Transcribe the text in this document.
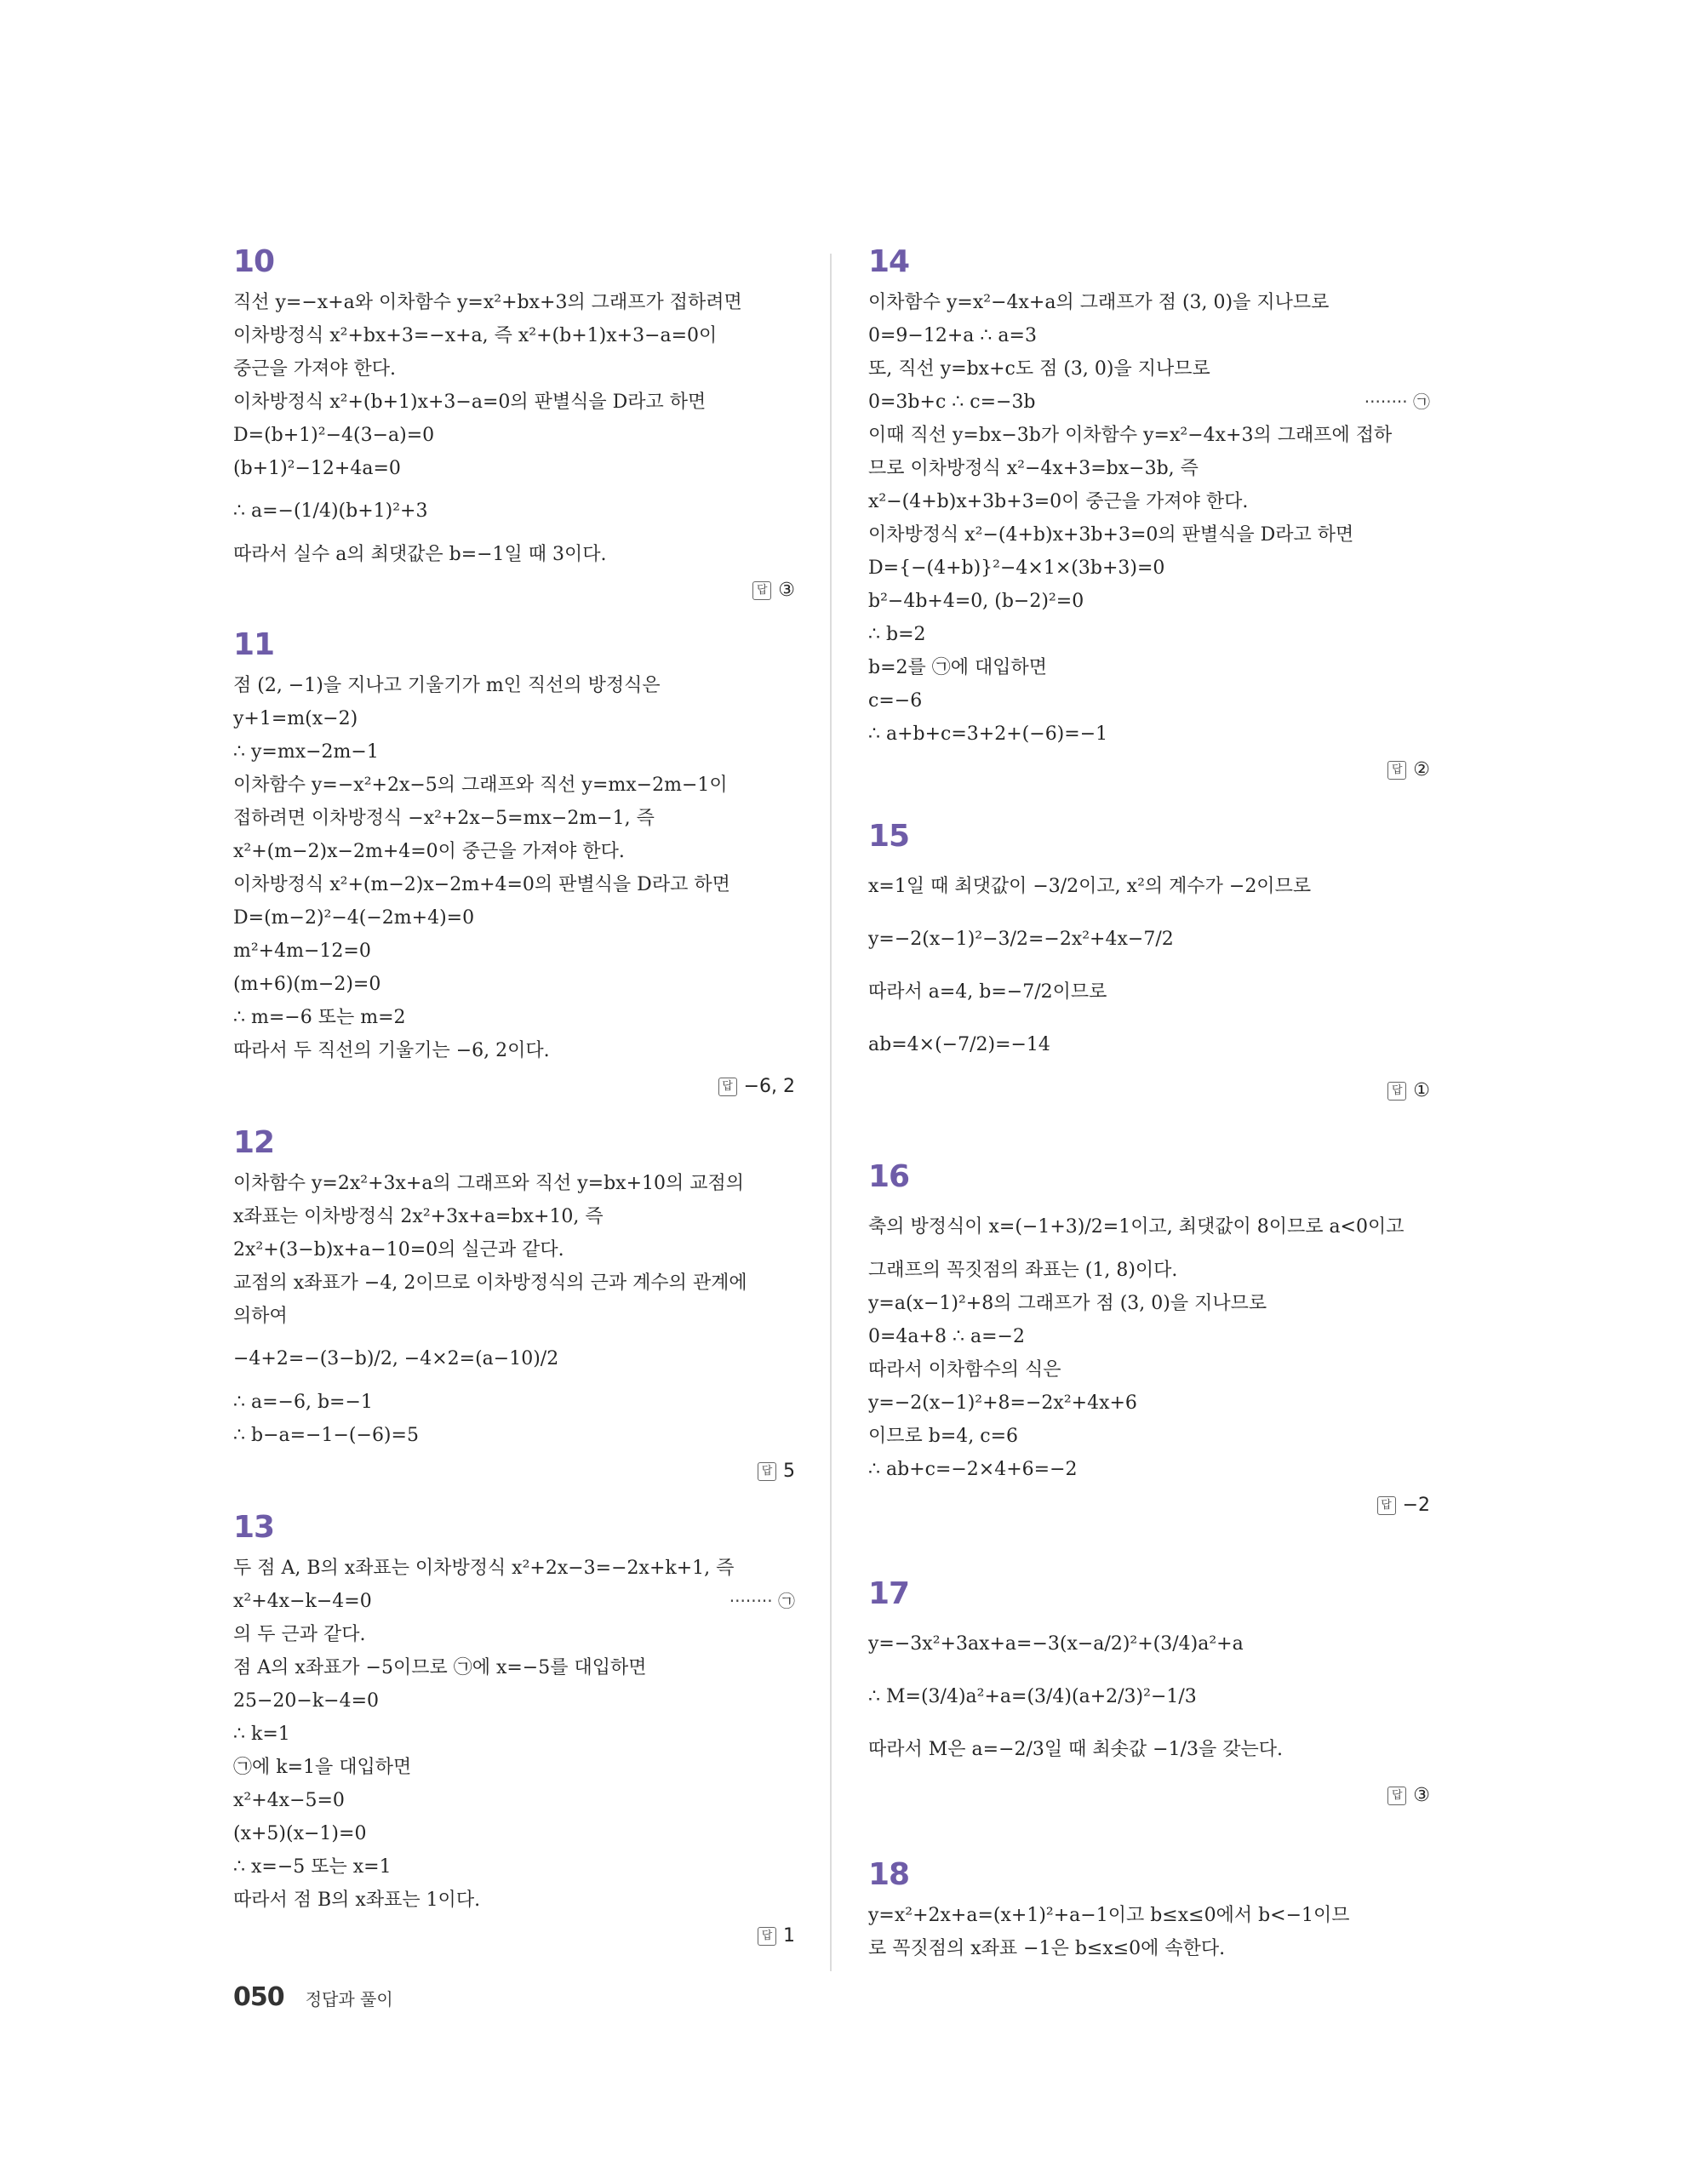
10
직선 y=−x+a와 이차함수 y=x²+bx+3의 그래프가 접하려면
이차방정식 x²+bx+3=−x+a, 즉 x²+(b+1)x+3−a=0이
중근을 가져야 한다.
이차방정식 x²+(b+1)x+3−a=0의 판별식을 D라고 하면
D=(b+1)²−4(3−a)=0
(b+1)²−12+4a=0
∴ a=−(1/4)(b+1)²+3
따라서 실수 a의 최댓값은 b=−1일 때 3이다.
답 ③
11
점 (2, −1)을 지나고 기울기가 m인 직선의 방정식은
y+1=m(x−2)
∴ y=mx−2m−1
이차함수 y=−x²+2x−5의 그래프와 직선 y=mx−2m−1이
접하려면 이차방정식 −x²+2x−5=mx−2m−1, 즉
x²+(m−2)x−2m+4=0이 중근을 가져야 한다.
이차방정식 x²+(m−2)x−2m+4=0의 판별식을 D라고 하면
D=(m−2)²−4(−2m+4)=0
m²+4m−12=0
(m+6)(m−2)=0
∴ m=−6 또는 m=2
따라서 두 직선의 기울기는 −6, 2이다.
답 −6, 2
12
이차함수 y=2x²+3x+a의 그래프와 직선 y=bx+10의 교점의
x좌표는 이차방정식 2x²+3x+a=bx+10, 즉
2x²+(3−b)x+a−10=0의 실근과 같다.
교점의 x좌표가 −4, 2이므로 이차방정식의 근과 계수의 관계에
의하여
−4+2=−(3−b)/2, −4×2=(a−10)/2
∴ a=−6, b=−1
∴ b−a=−1−(−6)=5
답 5
13
두 점 A, B의 x좌표는 이차방정식 x²+2x−3=−2x+k+1, 즉
x²+4x−k−4=0	········ ㉠
의 두 근과 같다.
점 A의 x좌표가 −5이므로 ㉠에 x=−5를 대입하면
25−20−k−4=0
∴ k=1
㉠에 k=1을 대입하면
x²+4x−5=0
(x+5)(x−1)=0
∴ x=−5 또는 x=1
따라서 점 B의 x좌표는 1이다.
답 1
14
이차함수 y=x²−4x+a의 그래프가 점 (3, 0)을 지나므로
0=9−12+a ∴ a=3
또, 직선 y=bx+c도 점 (3, 0)을 지나므로
0=3b+c ∴ c=−3b	········ ㉠
이때 직선 y=bx−3b가 이차함수 y=x²−4x+3의 그래프에 접하
므로 이차방정식 x²−4x+3=bx−3b, 즉
x²−(4+b)x+3b+3=0이 중근을 가져야 한다.
이차방정식 x²−(4+b)x+3b+3=0의 판별식을 D라고 하면
D={−(4+b)}²−4×1×(3b+3)=0
b²−4b+4=0, (b−2)²=0
∴ b=2
b=2를 ㉠에 대입하면
c=−6
∴ a+b+c=3+2+(−6)=−1
답 ②
15
x=1일 때 최댓값이 −3/2이고, x²의 계수가 −2이므로
y=−2(x−1)²−3/2=−2x²+4x−7/2
따라서 a=4, b=−7/2이므로
ab=4×(−7/2)=−14
답 ①
16
축의 방정식이 x=(−1+3)/2=1이고, 최댓값이 8이므로 a<0이고
그래프의 꼭짓점의 좌표는 (1, 8)이다.
y=a(x−1)²+8의 그래프가 점 (3, 0)을 지나므로
0=4a+8 ∴ a=−2
따라서 이차함수의 식은
y=−2(x−1)²+8=−2x²+4x+6
이므로 b=4, c=6
∴ ab+c=−2×4+6=−2
답 −2
17
y=−3x²+3ax+a=−3(x−a/2)²+(3/4)a²+a
∴ M=(3/4)a²+a=(3/4)(a+2/3)²−1/3
따라서 M은 a=−2/3일 때 최솟값 −1/3을 갖는다.
답 ③
18
y=x²+2x+a=(x+1)²+a−1이고 b≤x≤0에서 b<−1이므
로 꼭짓점의 x좌표 −1은 b≤x≤0에 속한다.
050 정답과 풀이
